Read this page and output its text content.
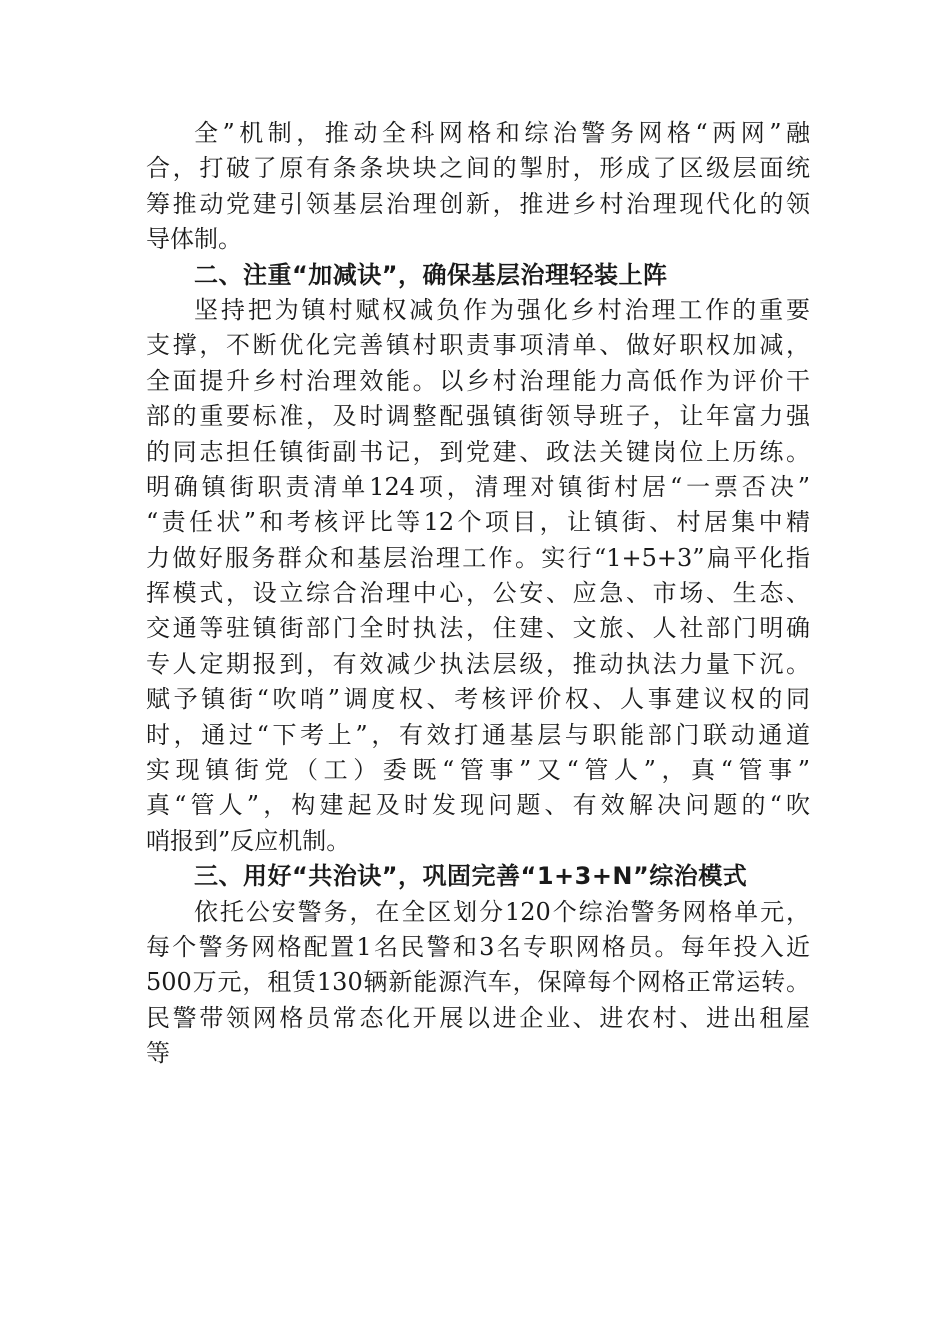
全”机制，推动全科网格和综治警务网格“两网”融
合，打破了原有条条块块之间的掣肘，形成了区级层面统
筹推动党建引领基层治理创新，推进乡村治理现代化的领
导体制。
二、注重“加减诀”，确保基层治理轻装上阵
坚持把为镇村赋权减负作为强化乡村治理工作的重要
支撑，不断优化完善镇村职责事项清单、做好职权加减，
全面提升乡村治理效能。以乡村治理能力高低作为评价干
部的重要标准，及时调整配强镇街领导班子，让年富力强
的同志担任镇街副书记，到党建、政法关键岗位上历练。
明确镇街职责清单124项，清理对镇街村居“一票否决”
“责任状”和考核评比等12个项目，让镇街、村居集中精
力做好服务群众和基层治理工作。实行“1+5+3”扁平化指
挥模式，设立综合治理中心，公安、应急、市场、生态、
交通等驻镇街部门全时执法，住建、文旅、人社部门明确
专人定期报到，有效减少执法层级，推动执法力量下沉。
赋予镇街“吹哨”调度权、考核评价权、人事建议权的同
时，通过“下考上”，有效打通基层与职能部门联动通道
实现镇街党（工）委既“管事”又“管人”，真“管事”
真“管人”，构建起及时发现问题、有效解决问题的“吹
哨报到”反应机制。
三、用好“共治诀”，巩固完善“1+3+N”综治模式
依托公安警务，在全区划分120个综治警务网格单元，
每个警务网格配置1名民警和3名专职网格员。每年投入近
500万元，租赁130辆新能源汽车，保障每个网格正常运转。
民警带领网格员常态化开展以进企业、进农村、进出租屋
等
